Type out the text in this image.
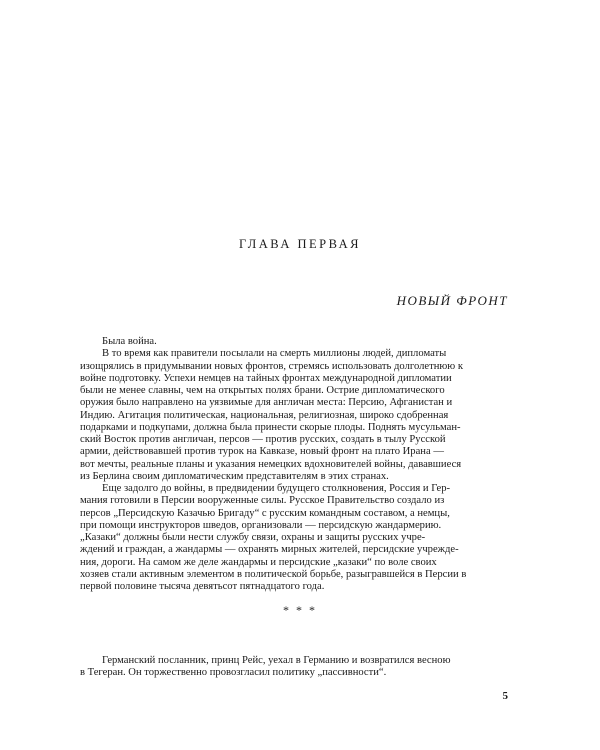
ГЛАВА ПЕРВАЯ
НОВЫЙ ФРОНТ
Была война.
В то время как правители посылали на смерть миллионы людей, дипломаты
изощрялись в придумывании новых фронтов, стремясь использовать долголетнюю к
войне подготовку. Успехи немцев на тайных фронтах международной дипломатии
были не менее славны, чем на открытых полях брани. Острие дипломатического
оружия было направлено на уязвимые для англичан места: Персию, Афганистан и
Индию. Агитация политическая, национальная, религиозная, широко сдобренная
подарками и подкупами, должна была принести скорые плоды. Поднять мусульман-
ский Восток против англичан, персов — против русских, создать в тылу Русской
армии, действовавшей против турок на Кавказе, новый фронт на плато Ирана —
вот мечты, реальные планы и указания немецких вдохновителей войны, дававшиеся
из Берлина своим дипломатическим представителям в этих странах.
Еще задолго до войны, в предвидении будущего столкновения, Россия и Гер-
мания готовили в Персии вооруженные силы. Русское Правительство создало из
персов „Персидскую Казачью Бригаду“ с русским командным составом, а немцы,
при помощи инструкторов шведов, организовали — персидскую жандармерию.
„Казаки“ должны были нести службу связи, охраны и защиты русских учре-
ждений и граждан, а жандармы — охранять мирных жителей, персидские учрежде-
ния, дороги. На самом же деле жандармы и персидские „казаки“ по воле своих
хозяев стали активным элементом в политической борьбе, разыгравшейся в Персии в
первой половине тысяча девятьсот пятнадцатого года.
* * *
Германский посланник, принц Рейс, уехал в Германию и возвратился весною
в Тегеран. Он торжественно провозгласил политику „пассивности“.
5
